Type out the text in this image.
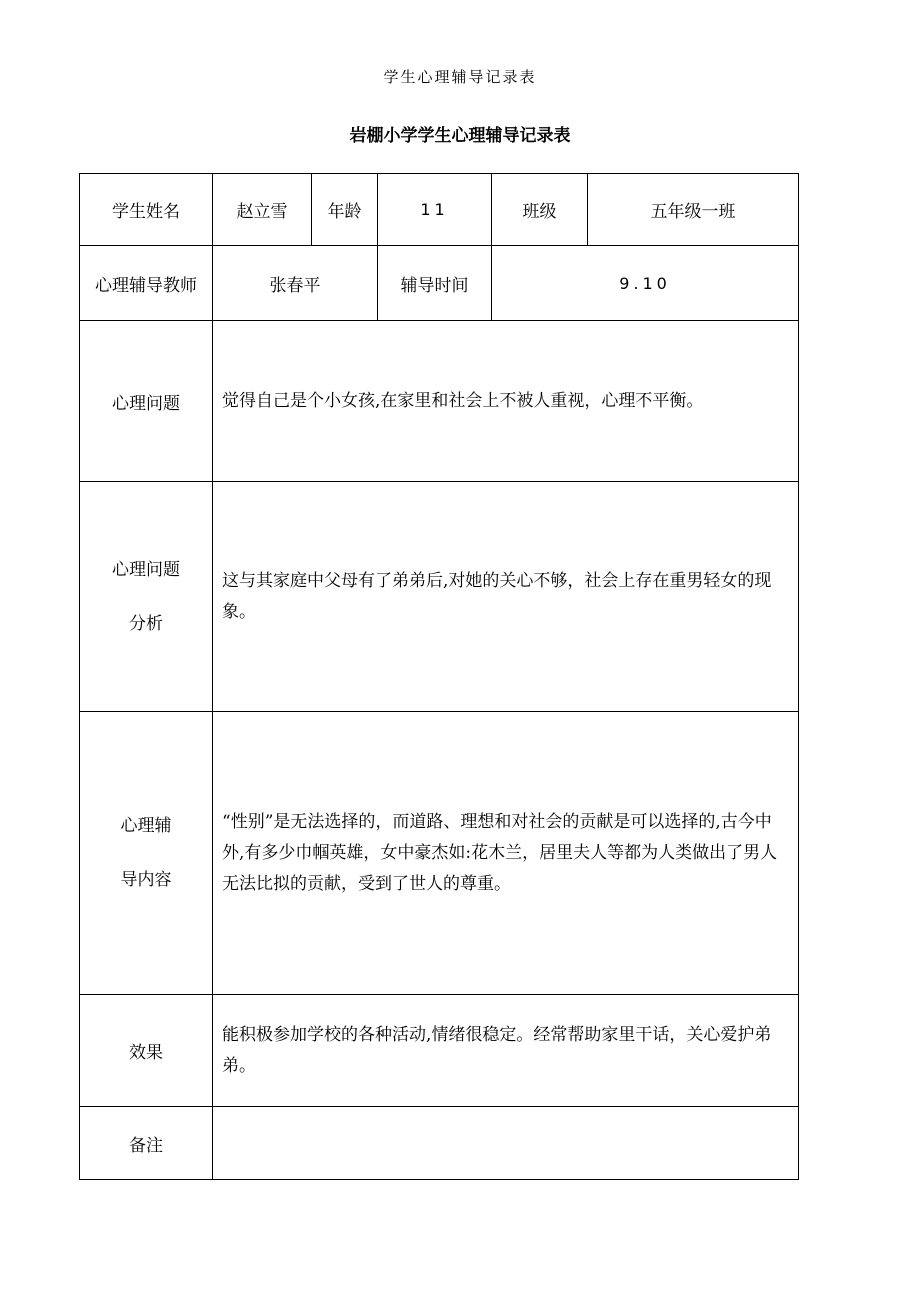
学生心理辅导记录表
岩棚小学学生心理辅导记录表
学生姓名	赵立雪	年龄	11	班级	五年级一班
心理辅导教师	张春平		辅导时间	9.10	
心理问题	觉得自己是个小女孩,在家里和社会上不被人重视，心理不平衡。				

心理问题
分析	这与其家庭中父母有了弟弟后,对她的关心不够，社会上存在重男轻女的现象。				

心理辅
导内容	“性别”是无法选择的，而道路、理想和对社会的贡献是可以选择的,古今中外,有多少巾帼英雄，女中豪杰如:花木兰，居里夫人等都为人类做出了男人无法比拟的贡献，受到了世人的尊重。				
效果	能积极参加学校的各种活动,情绪很稳定。经常帮助家里干话，关心爱护弟弟。				
备注					
